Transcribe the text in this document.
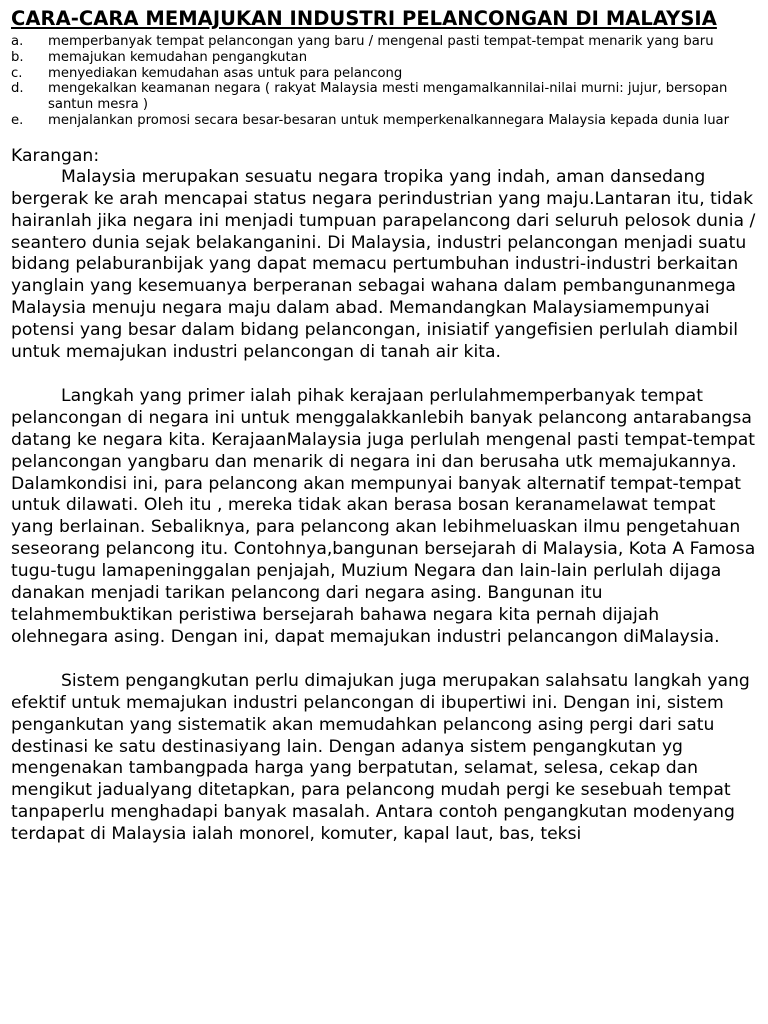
CARA-CARA MEMAJUKAN INDUSTRI PELANCONGAN DI MALAYSIA
a.	memperbanyak tempat pelancongan yang baru / mengenal pasti tempat-tempat menarik yang baru
b.	memajukan kemudahan pengangkutan
c.	menyediakan kemudahan asas untuk para pelancong
d.	mengekalkan keamanan negara ( rakyat Malaysia mesti mengamalkannilai-nilai murni: jujur, bersopan santun mesra )
e.	menjalankan promosi secara besar-besaran untuk memperkenalkannegara Malaysia kepada dunia luar
Karangan:

Malaysia merupakan sesuatu negara tropika yang indah, aman dansedang bergerak ke arah mencapai status negara perindustrian yang maju.Lantaran itu, tidak hairanlah jika negara ini menjadi tumpuan parapelancong dari seluruh pelosok dunia / seantero dunia sejak belakanganini. Di Malaysia, industri pelancongan menjadi suatu bidang pelaburanbijak yang dapat memacu pertumbuhan industri-industri berkaitan yanglain yang kesemuanya berperanan sebagai wahana dalam pembangunanmega Malaysia menuju negara maju dalam abad. Memandangkan Malaysiamempunyai potensi yang besar dalam bidang pelancongan, inisiatif yangefisien perlulah diambil untuk memajukan industri pelancongan di tanah air kita.

Langkah yang primer ialah pihak kerajaan perlulahmemperbanyak tempat pelancongan di negara ini untuk menggalakkanlebih banyak pelancong antarabangsa datang ke negara kita. KerajaanMalaysia juga perlulah mengenal pasti tempat-tempat pelancongan yangbaru dan menarik di negara ini dan berusaha utk memajukannya. Dalamkondisi ini, para pelancong akan mempunyai banyak alternatif tempat-tempat untuk dilawati. Oleh itu , mereka tidak akan berasa bosan keranamelawat tempat yang berlainan. Sebaliknya, para pelancong akan lebihmeluaskan ilmu pengetahuan seseorang pelancong itu. Contohnya,bangunan bersejarah di Malaysia, Kota A Famosa tugu-tugu lamapeninggalan penjajah, Muzium Negara dan lain-lain perlulah dijaga danakan menjadi tarikan pelancong dari negara asing. Bangunan itu telahmembuktikan peristiwa bersejarah bahawa negara kita pernah dijajah olehnegara asing. Dengan ini, dapat memajukan industri pelancangon diMalaysia.

Sistem pengangkutan perlu dimajukan juga merupakan salahsatu langkah yang efektif untuk memajukan industri pelancongan di ibupertiwi ini. Dengan ini, sistem pengankutan yang sistematik akan memudahkan pelancong asing pergi dari satu destinasi ke satu destinasiyang lain. Dengan adanya sistem pengangkutan yg mengenakan tambangpada harga yang berpatutan, selamat, selesa, cekap dan mengikut jadualyang ditetapkan, para pelancong mudah pergi ke sesebuah tempat tanpaperlu menghadapi banyak masalah. Antara contoh pengangkutan modenyang terdapat di Malaysia ialah monorel, komuter, kapal laut, bas, teksi
